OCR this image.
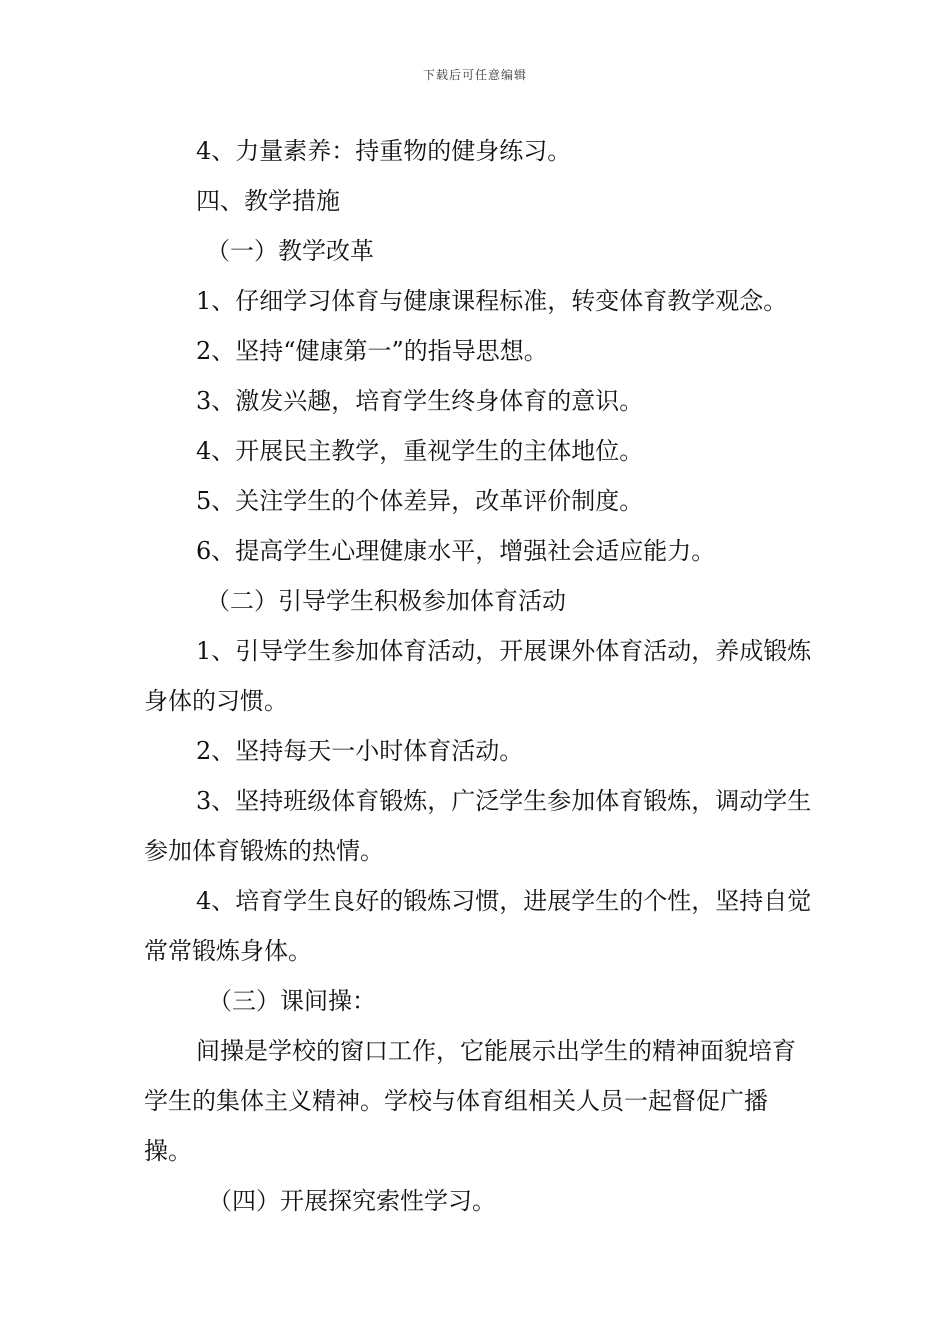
下载后可任意编辑

4、力量素养：持重物的健身练习。

四、教学措施

（一）教学改革

1、仔细学习体育与健康课程标准，转变体育教学观念。

2、坚持“健康第一”的指导思想。

3、激发兴趣，培育学生终身体育的意识。

4、开展民主教学，重视学生的主体地位。

5、关注学生的个体差异，改革评价制度。

6、提高学生心理健康水平，增强社会适应能力。

（二）引导学生积极参加体育活动

1、引导学生参加体育活动，开展课外体育活动，养成锻炼身体的习惯。

2、坚持每天一小时体育活动。

3、坚持班级体育锻炼，广泛学生参加体育锻炼，调动学生参加体育锻炼的热情。

4、培育学生良好的锻炼习惯，进展学生的个性，坚持自觉常常锻炼身体。

（三）课间操：

间操是学校的窗口工作，它能展示出学生的精神面貌培育学生的集体主义精神。学校与体育组相关人员一起督促广播操。

（四）开展探究索性学习。
